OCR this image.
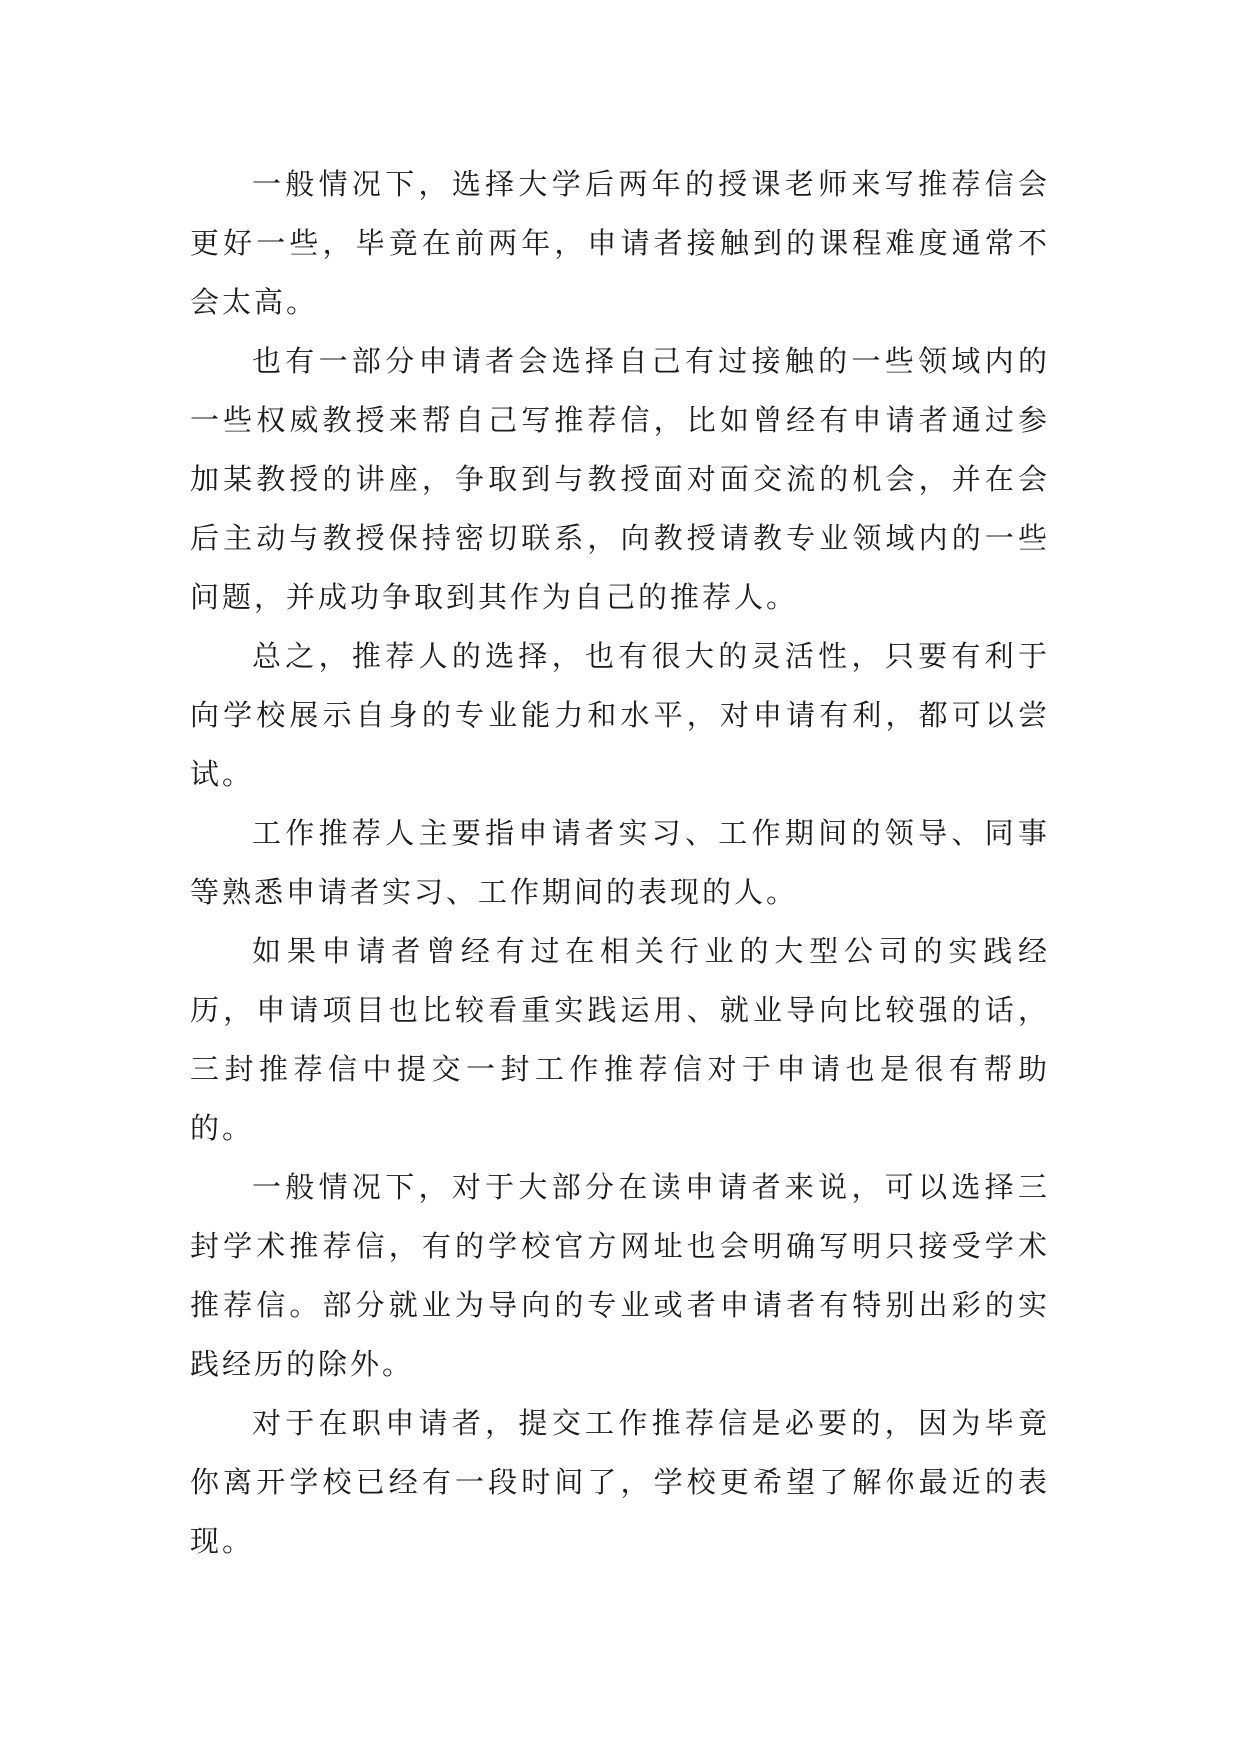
一般情况下，选择大学后两年的授课老师来写推荐信会更好一些，毕竟在前两年，申请者接触到的课程难度通常不会太高。

也有一部分申请者会选择自己有过接触的一些领域内的一些权威教授来帮自己写推荐信，比如曾经有申请者通过参加某教授的讲座，争取到与教授面对面交流的机会，并在会后主动与教授保持密切联系，向教授请教专业领域内的一些问题，并成功争取到其作为自己的推荐人。

总之，推荐人的选择，也有很大的灵活性，只要有利于向学校展示自身的专业能力和水平，对申请有利，都可以尝试。

工作推荐人主要指申请者实习、工作期间的领导、同事等熟悉申请者实习、工作期间的表现的人。

如果申请者曾经有过在相关行业的大型公司的实践经历，申请项目也比较看重实践运用、就业导向比较强的话，三封推荐信中提交一封工作推荐信对于申请也是很有帮助的。

一般情况下，对于大部分在读申请者来说，可以选择三封学术推荐信，有的学校官方网址也会明确写明只接受学术推荐信。部分就业为导向的专业或者申请者有特别出彩的实践经历的除外。

对于在职申请者，提交工作推荐信是必要的，因为毕竟你离开学校已经有一段时间了，学校更希望了解你最近的表现。
